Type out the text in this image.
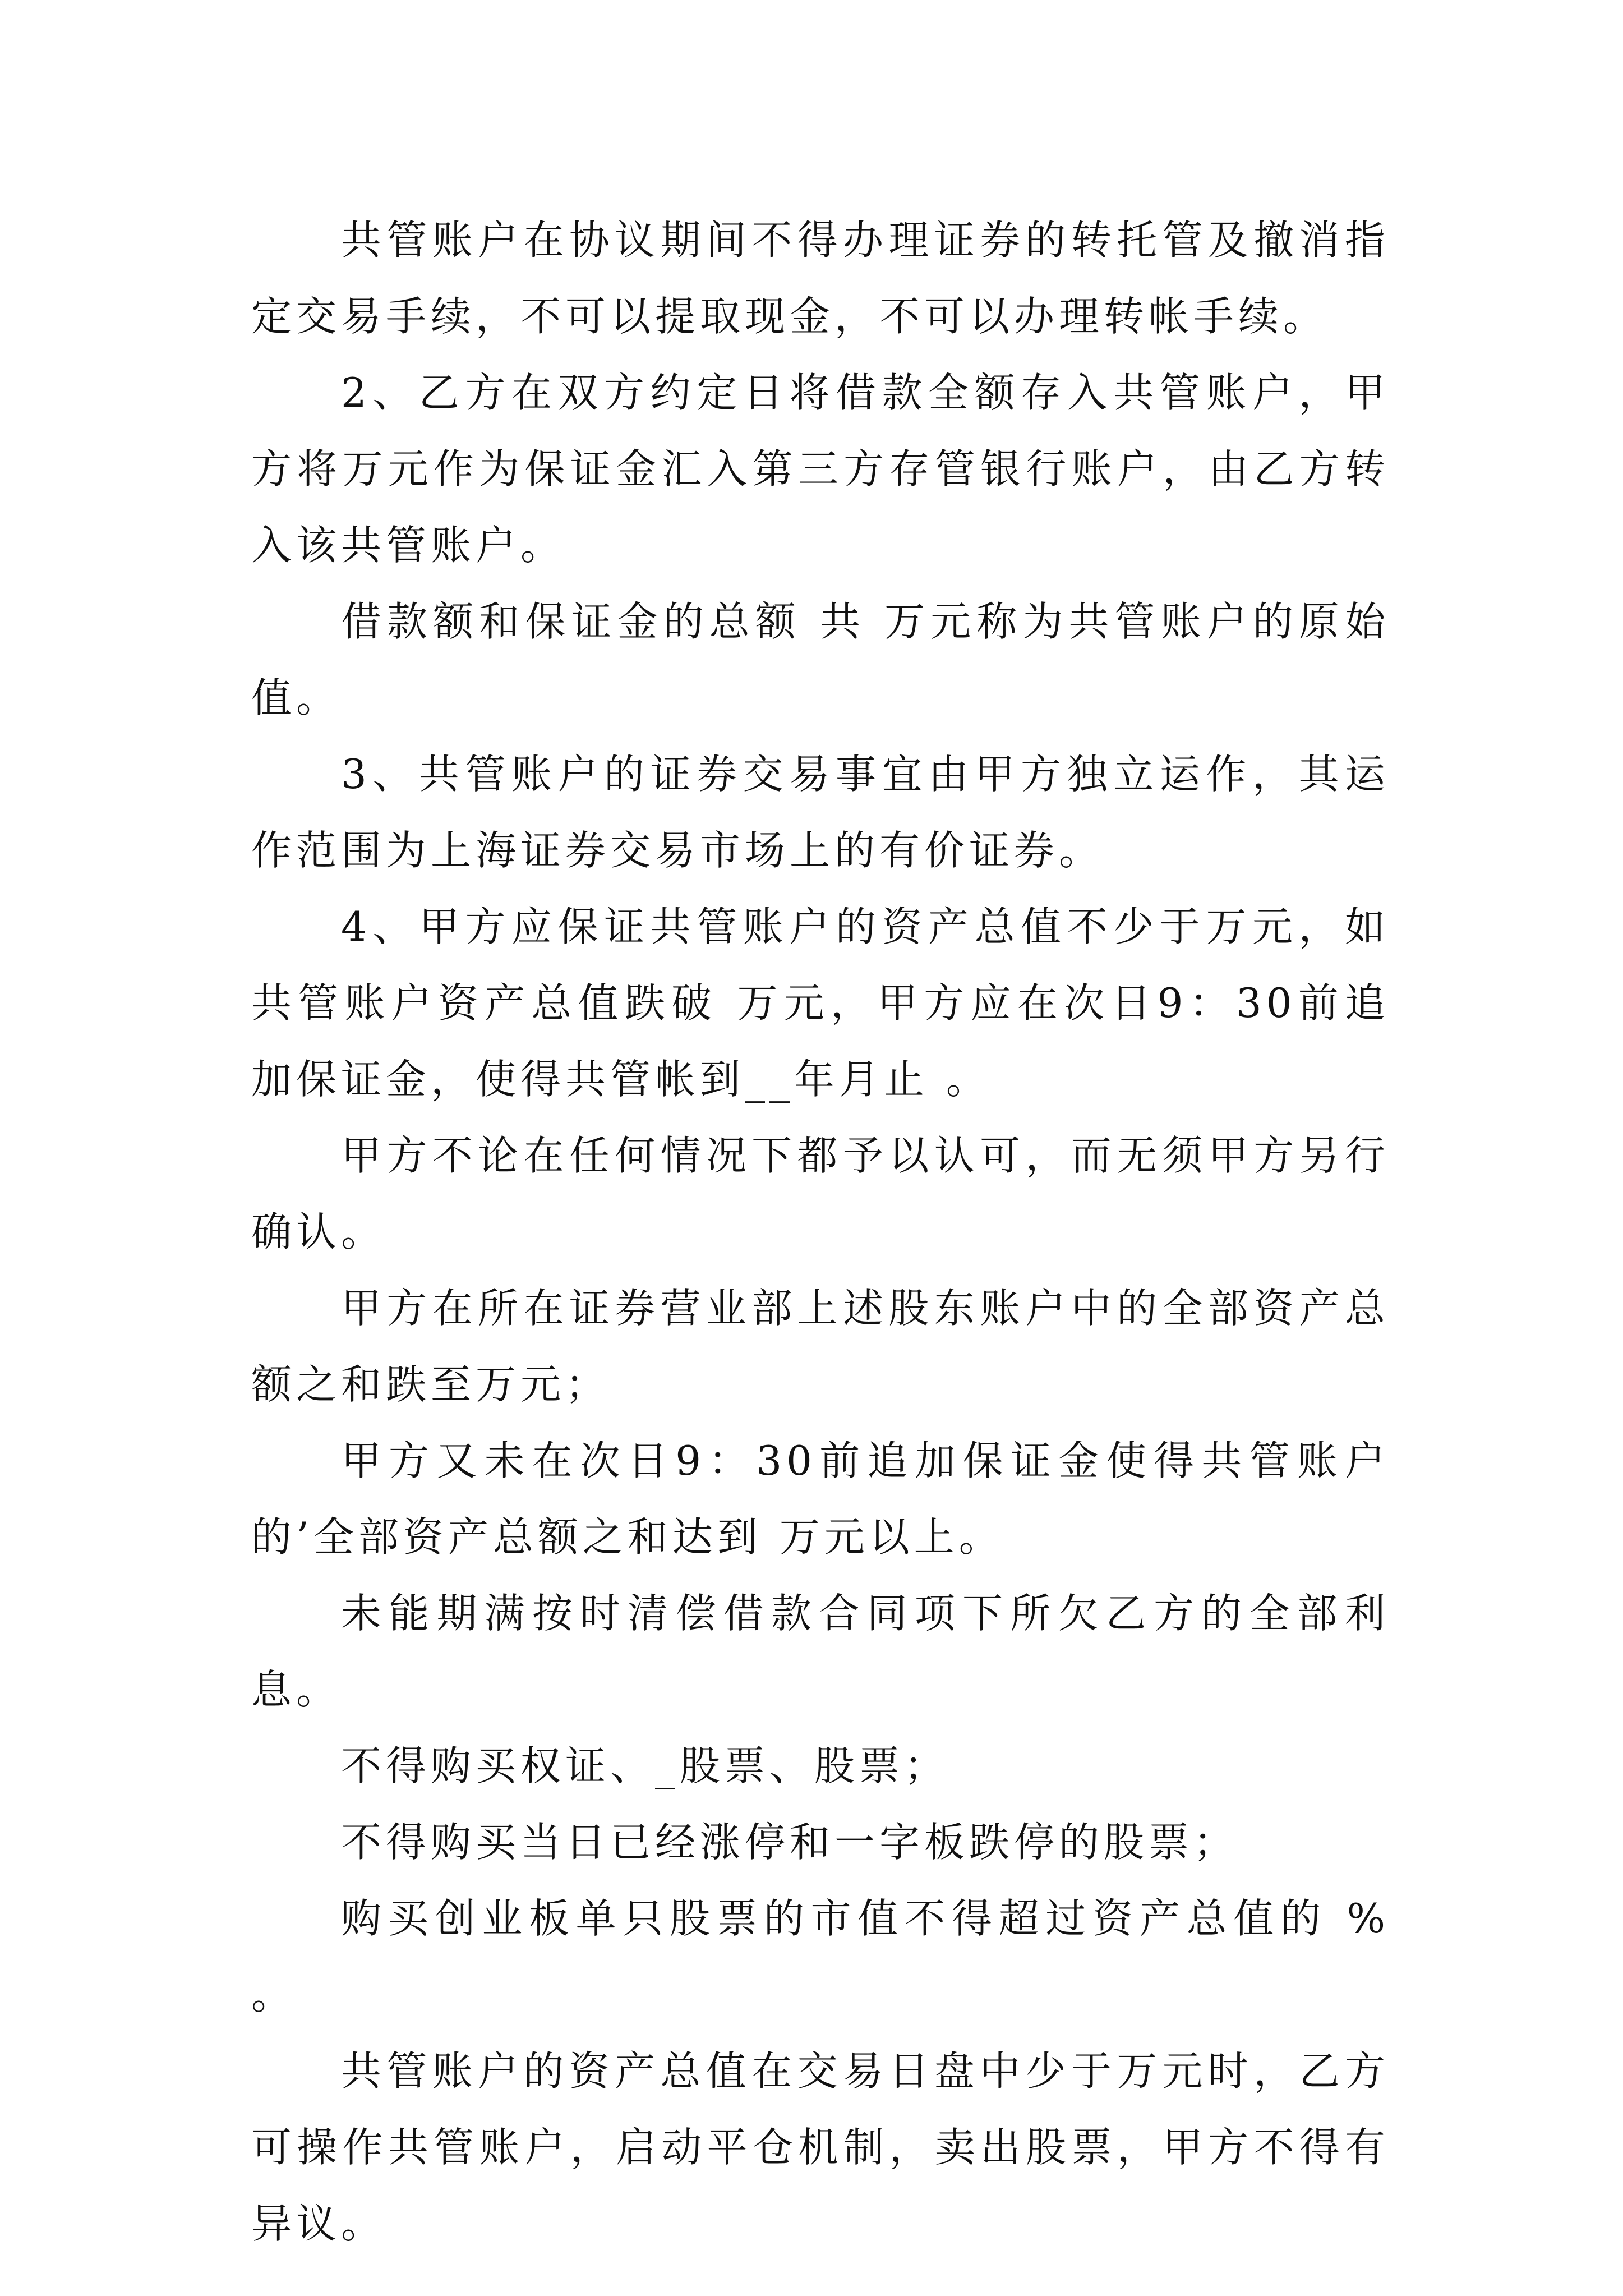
共管账户在协议期间不得办理证券的转托管及撤消指定交易手续，不可以提取现金，不可以办理转帐手续。

2、乙方在双方约定日将借款全额存入共管账户，甲方将万元作为保证金汇入第三方存管银行账户，由乙方转入该共管账户。

借款额和保证金的总额 共 万元称为共管账户的原始值。

3、共管账户的证券交易事宜由甲方独立运作，其运作范围为上海证券交易市场上的有价证券。

4、甲方应保证共管账户的资产总值不少于万元，如共管账户资产总值跌破 万元，甲方应在次日9：30前追加保证金，使得共管帐到__年月止 。

甲方不论在任何情况下都予以认可，而无须甲方另行确认。

甲方在所在证券营业部上述股东账户中的全部资产总额之和跌至万元；

甲方又未在次日9：30前追加保证金使得共管账户的’全部资产总额之和达到 万元以上。

未能期满按时清偿借款合同项下所欠乙方的全部利息。

不得购买权证、_股票、股票；

不得购买当日已经涨停和一字板跌停的股票；

购买创业板单只股票的市值不得超过资产总值的 % 。

共管账户的资产总值在交易日盘中少于万元时，乙方可操作共管账户，启动平仓机制，卖出股票，甲方不得有异议。
